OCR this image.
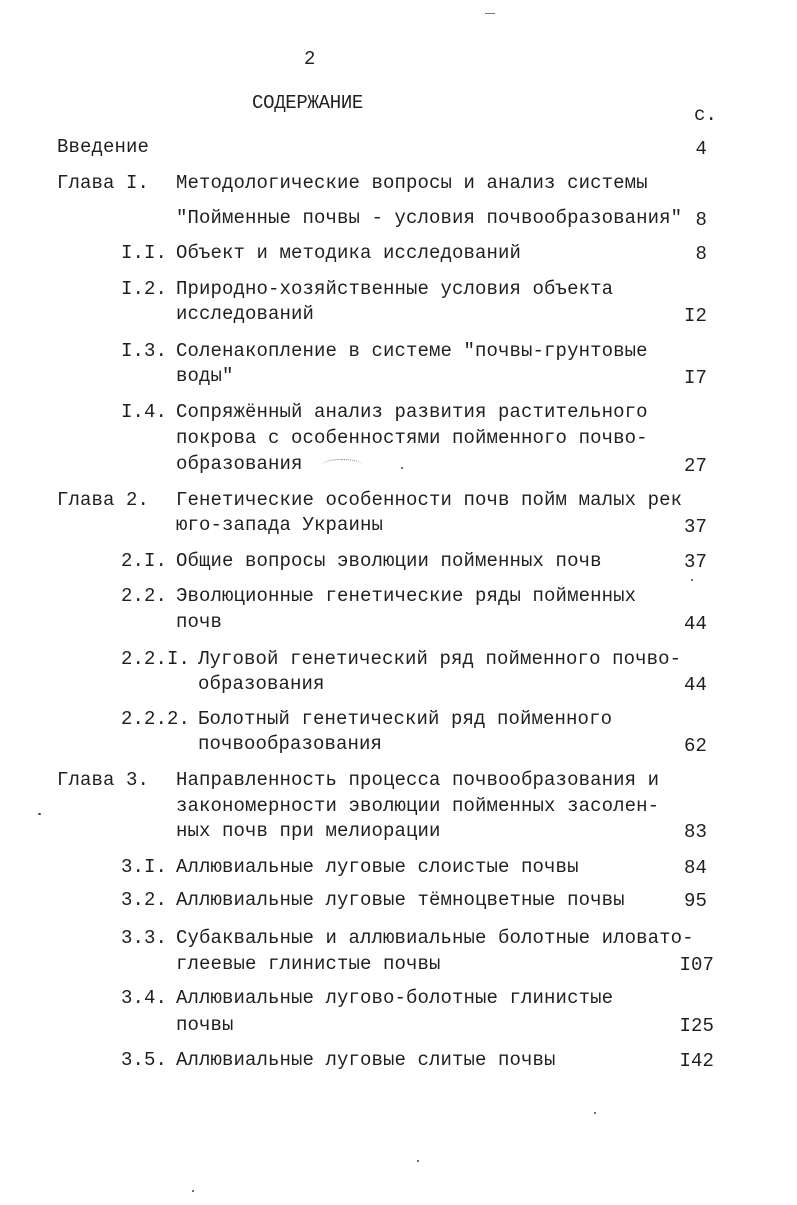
2
СОДЕРЖАНИЕ
с.
Введение	4
Глава I. Методологические вопросы и анализ системы
"Пойменные почвы - условия почвообразования" 8
I.I. Объект и методика исследований	8
I.2. Природно-хозяйственные условия объекта
исследований	I2
I.3. Соленакопление в системе "почвы-грунтовые
воды"	I7
I.4. Сопряжённый анализ развития растительного
покрова с особенностями пойменного почво-
образования	27
Глава 2. Генетические особенности почв пойм малых рек
юго-запада Украины	37
2.I. Общие вопросы эволюции пойменных почв	37
2.2. Эволюционные генетические ряды пойменных
почв	44
2.2.I. Луговой генетический ряд пойменного почво-
образования	44
2.2.2. Болотный генетический ряд пойменного
почвообразования	62
Глава 3. Направленность процесса почвообразования и
закономерности эволюции пойменных засолен-
ных почв при мелиорации	83
3.I. Аллювиальные луговые слоистые почвы	84
3.2. Аллювиальные луговые тёмноцветные почвы	95
3.3. Субаквальные и аллювиальные болотные иловато-
глеевые глинистые почвы	I07
3.4. Аллювиальные лугово-болотные глинистые
почвы	I25
3.5. Аллювиальные луговые слитые почвы	I42
